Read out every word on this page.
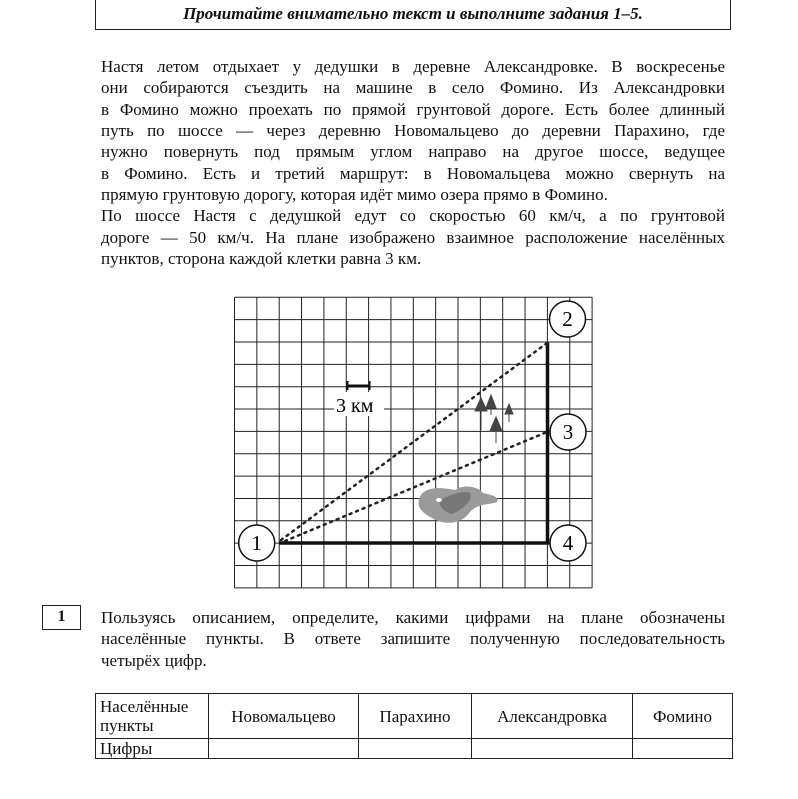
Прочитайте внимательно текст и выполните задания 1–5.
Настя летом отдыхает у дедушки в деревне Александровке. В воскресенье
они собираются съездить на машине в село Фомино. Из Александровки
в Фомино можно проехать по прямой грунтовой дороге. Есть более длинный
путь по шоссе — через деревню Новомальцево до деревни Парахино, где
нужно повернуть под прямым углом направо на другое шоссе, ведущее
в Фомино. Есть и третий маршрут: в Новомальцева можно свернуть на
прямую грунтовую дорогу, которая идёт мимо озера прямо в Фомино.
По шоссе Настя с дедушкой едут со скоростью 60 км/ч, а по грунтовой
дороге — 50 км/ч. На плане изображено взаимное расположение населённых
пунктов, сторона каждой клетки равна 3 км.
3 км
1
2
3
4
1	Пользуясь описанием, определите, какими цифрами на плане обозначены
населённые пункты. В ответе запишите полученную последовательность
четырёх цифр.
Населённые пункты	Новомальцево	Парахино	Александровка	Фомино
Цифры				
